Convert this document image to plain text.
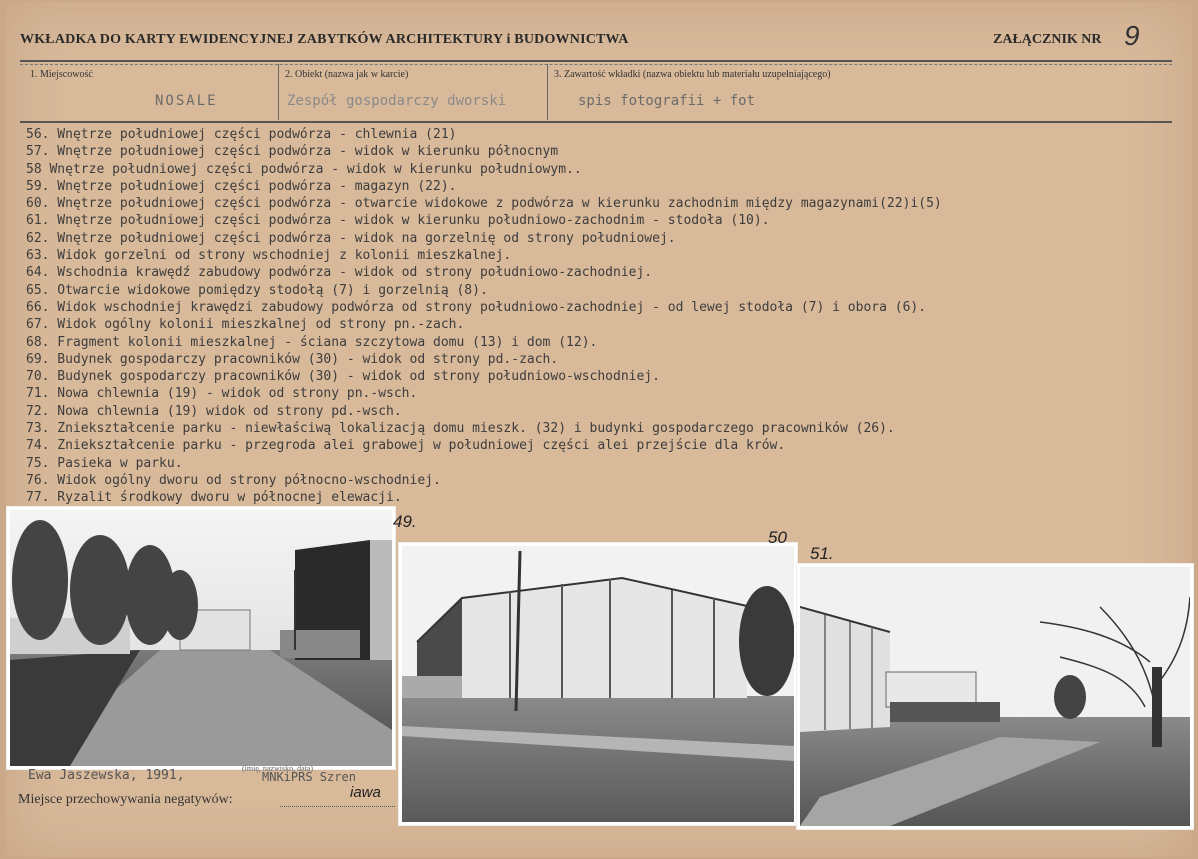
WKŁADKA DO KARTY EWIDENCYJNEJ ZABYTKÓW ARCHITEKTURY i BUDOWNICTWA	ZAŁĄCZNIK NR 9
1. Miejscowość
NOSALE
2. Obiekt (nazwa jak w karcie)
Zespół gospodarczy dworski
3. Zawartość wkładki (nazwa obiektu lub materiału uzupełniającego)
spis fotografii + fot
56. Wnętrze południowej części podwórza - chlewnia (21)
57. Wnętrze południowej części podwórza - widok w kierunku północnym
58 Wnętrze południowej części podwórza - widok w kierunku południowym..
59. Wnętrze południowej części podwórza - magazyn (22).
60. Wnętrze południowej części podwórza - otwarcie widokowe z podwórza w kierunku zachodnim między magazynami(22)i(5)
61. Wnętrze południowej części podwórza - widok w kierunku południowo-zachodnim - stodoła (10).
62. Wnętrze południowej części podwórza - widok na gorzelnię od strony południowej.
63. Widok gorzelni od strony wschodniej z kolonii mieszkalnej.
64. Wschodnia krawędź zabudowy podwórza - widok od strony południowo-zachodniej.
65. Otwarcie widokowe pomiędzy stodołą (7) i gorzelnią (8).
66. Widok wschodniej krawędzi zabudowy podwórza od strony południowo-zachodniej - od lewej stodoła (7) i obora (6).
67. Widok ogólny kolonii mieszkalnej od strony pn.-zach.
68. Fragment kolonii mieszkalnej - ściana szczytowa domu (13) i dom (12).
69. Budynek gospodarczy pracowników (30) - widok od strony pd.-zach.
70. Budynek gospodarczy pracowników (30) - widok od strony południowo-wschodniej.
71. Nowa chlewnia (19) - widok od strony pn.-wsch.
72. Nowa chlewnia (19) widok od strony pd.-wsch.
73. Zniekształcenie parku - niewłaściwą lokalizacją domu mieszk. (32) i budynki gospodarczego pracowników (26).
74. Zniekształcenie parku - przegroda alei grabowej w południowej części alei przejście dla krów.
75. Pasieka w parku.
76. Widok ogólny dworu od strony północno-wschodniej.
77. Ryzalit środkowy dworu w północnej elewacji.
49.
50
51.
Ewa Jaszewska, 1991,	(imię, nazwisko, data)
MNKiPRS Szren
iawa
Miejsce przechowywania negatywów:
